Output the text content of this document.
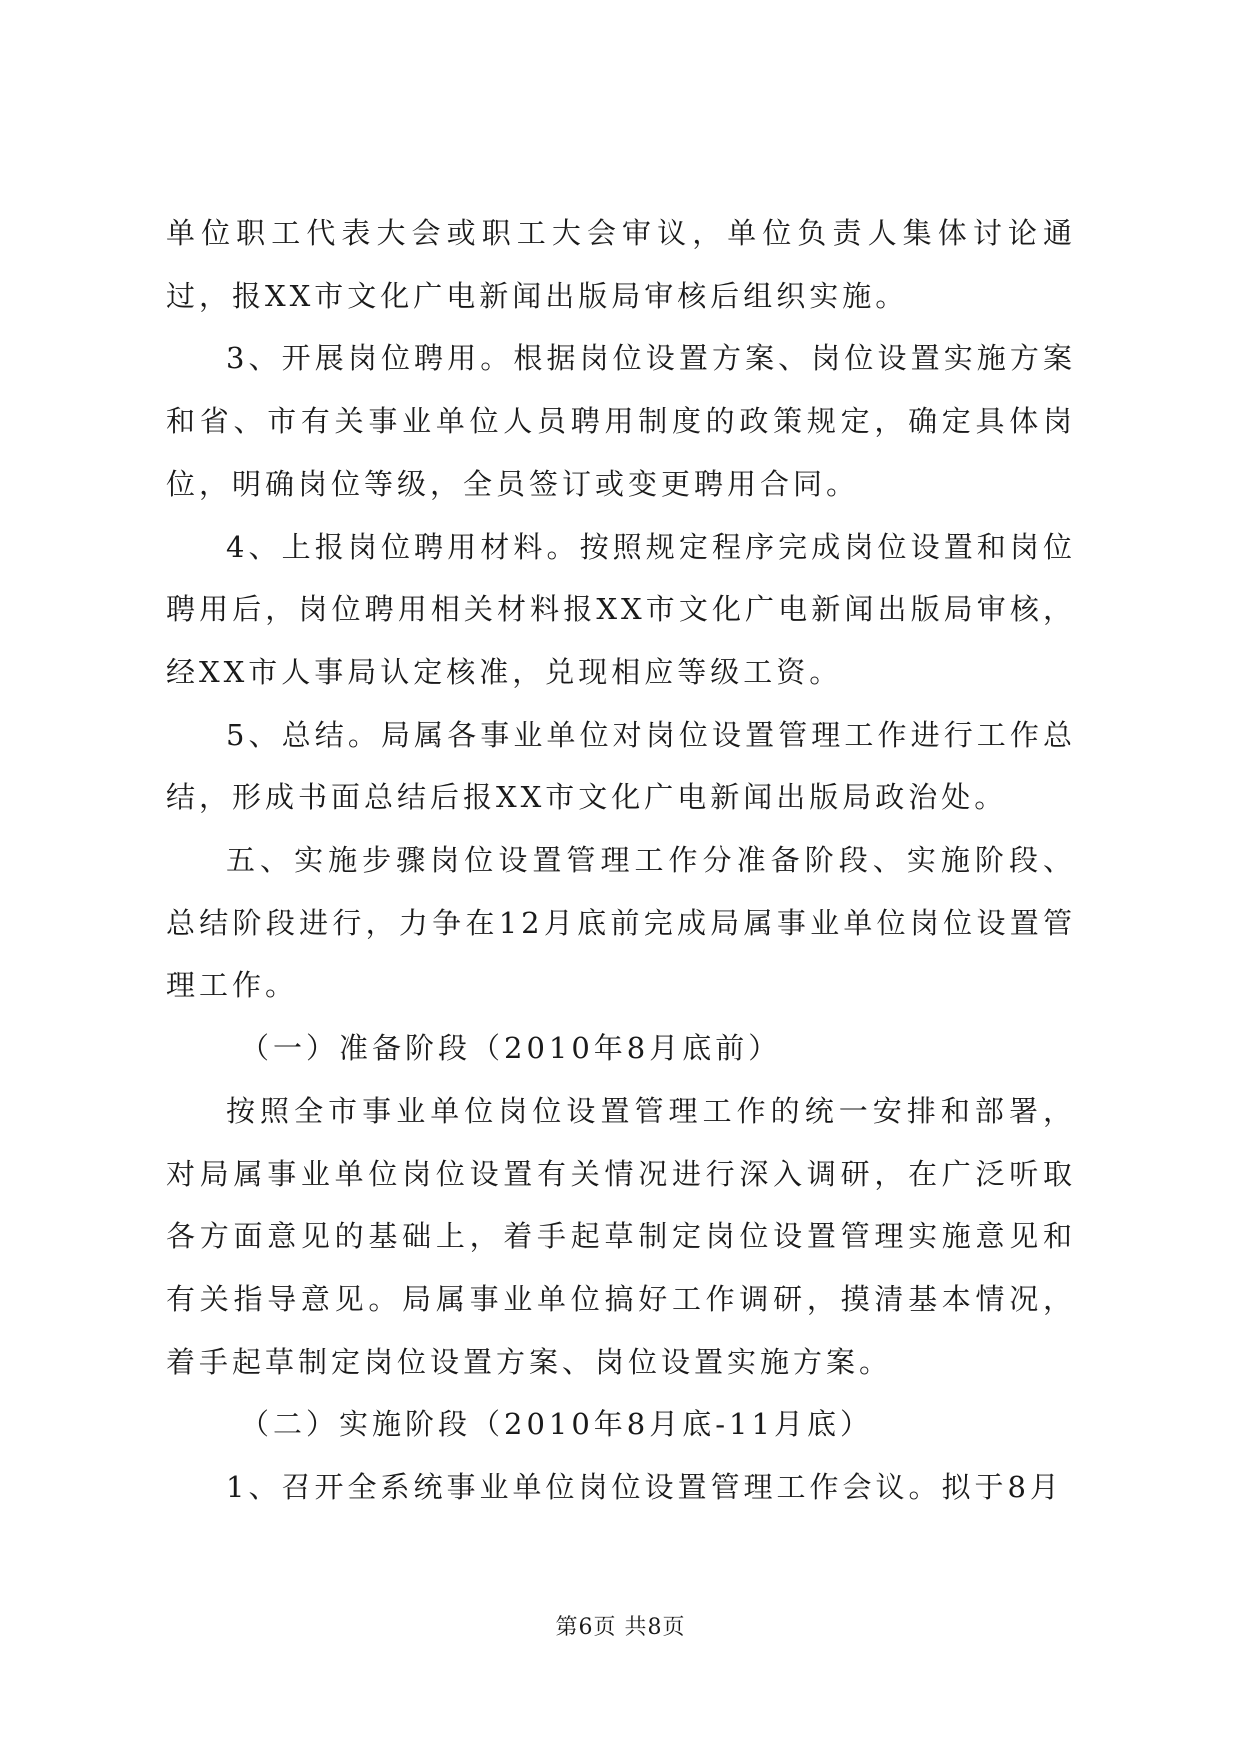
单位职工代表大会或职工大会审议，单位负责人集体讨论通过，报XX市文化广电新闻出版局审核后组织实施。

3、开展岗位聘用。根据岗位设置方案、岗位设置实施方案和省、市有关事业单位人员聘用制度的政策规定，确定具体岗位，明确岗位等级，全员签订或变更聘用合同。

4、上报岗位聘用材料。按照规定程序完成岗位设置和岗位聘用后，岗位聘用相关材料报XX市文化广电新闻出版局审核，经XX市人事局认定核准，兑现相应等级工资。

5、总结。局属各事业单位对岗位设置管理工作进行工作总结，形成书面总结后报XX市文化广电新闻出版局政治处。

五、实施步骤岗位设置管理工作分准备阶段、实施阶段、总结阶段进行，力争在12月底前完成局属事业单位岗位设置管理工作。

（一）准备阶段（2010年8月底前）

按照全市事业单位岗位设置管理工作的统一安排和部署，对局属事业单位岗位设置有关情况进行深入调研，在广泛听取各方面意见的基础上，着手起草制定岗位设置管理实施意见和有关指导意见。局属事业单位搞好工作调研，摸清基本情况，着手起草制定岗位设置方案、岗位设置实施方案。

（二）实施阶段（2010年8月底-11月底）

1、召开全系统事业单位岗位设置管理工作会议。拟于8月

第6页 共8页
